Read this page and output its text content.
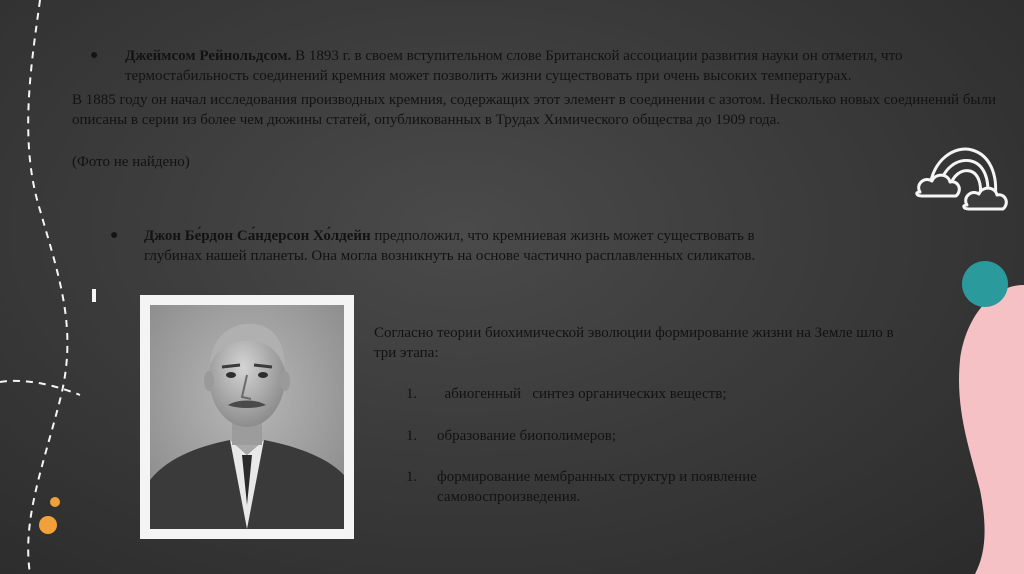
● Джеймсом Рейнольдсом. В 1893 г. в своем вступительном слове Британской ассоциации развития науки он отметил, что термостабильность соединений кремния может позволить жизни существовать при очень высоких температурах.
В 1885 году он начал исследования производных кремния, содержащих этот элемент в соединении с азотом. Несколько новых соединений были описаны в серии из более чем дюжины статей, опубликованных в Трудах Химического общества до 1909 года.
(Фото не найдено)
● Джон Бе́рдон Са́ндерсон Хо́лдейн предположил, что кремниевая жизнь может существовать в глубинах нашей планеты. Она могла возникнуть на основе частично расплавленных силикатов.
Согласно теории биохимической эволюции формирование жизни на Земле шло в три этапа:
1. абиогенный   синтез органических веществ;
1. образование биополимеров;
1. формирование мембранных структур и появление самовоспроизведения.
